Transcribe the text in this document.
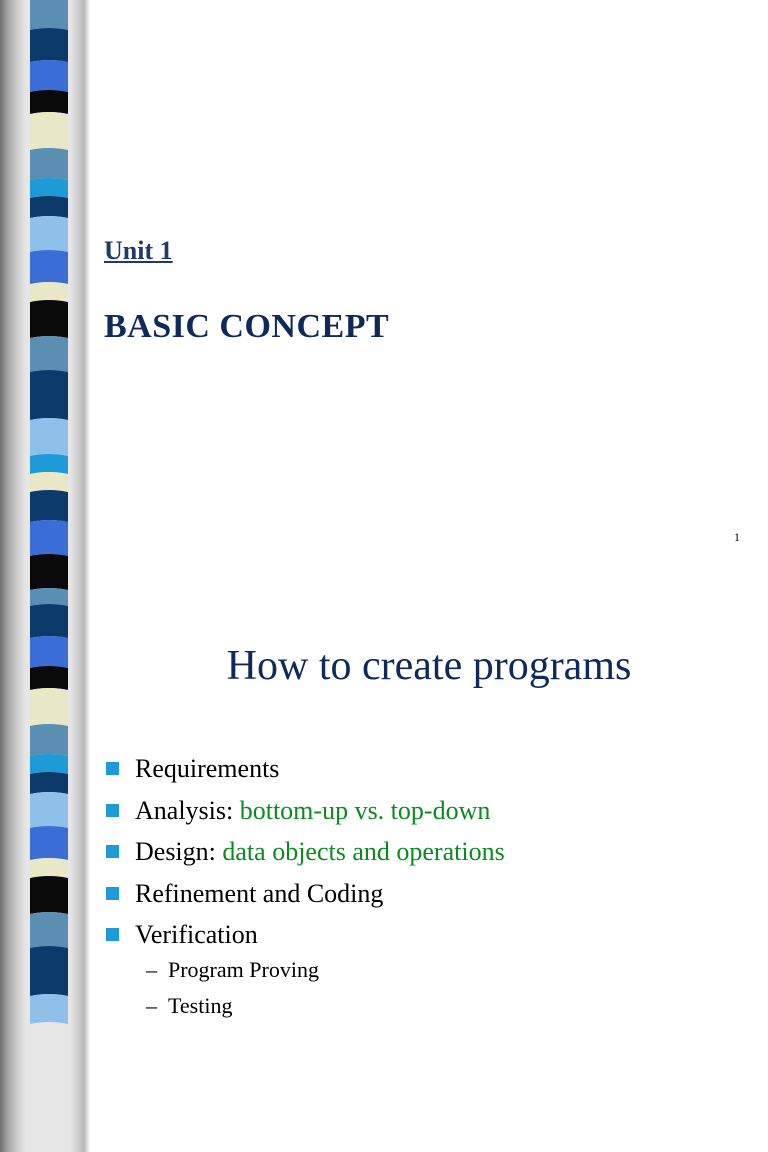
Unit 1
BASIC CONCEPT
1
How to create programs
Requirements
Analysis: bottom-up vs. top-down
Design: data objects and operations
Refinement and Coding
Verification
– Program Proving
– Testing
